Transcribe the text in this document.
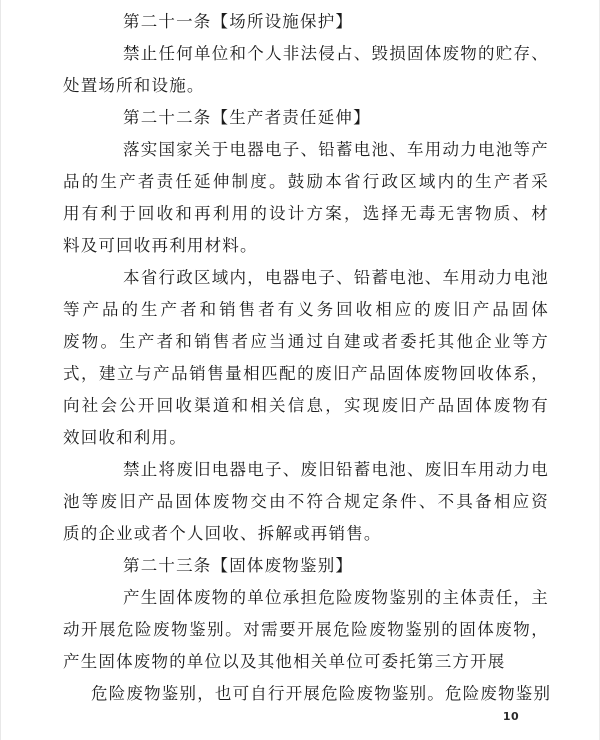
第二十一条【场所设施保护】
禁止任何单位和个人非法侵占、毁损固体废物的贮存、
处置场所和设施。
第二十二条【生产者责任延伸】
落实国家关于电器电子、铅蓄电池、车用动力电池等产
品的生产者责任延伸制度。鼓励本省行政区域内的生产者采
用有利于回收和再利用的设计方案，选择无毒无害物质、材
料及可回收再利用材料。
本省行政区域内，电器电子、铅蓄电池、车用动力电池
等产品的生产者和销售者有义务回收相应的废旧产品固体
废物。生产者和销售者应当通过自建或者委托其他企业等方
式，建立与产品销售量相匹配的废旧产品固体废物回收体系，
向社会公开回收渠道和相关信息，实现废旧产品固体废物有
效回收和利用。
禁止将废旧电器电子、废旧铅蓄电池、废旧车用动力电
池等废旧产品固体废物交由不符合规定条件、不具备相应资
质的企业或者个人回收、拆解或再销售。
第二十三条【固体废物鉴别】
产生固体废物的单位承担危险废物鉴别的主体责任，主
动开展危险废物鉴别。对需要开展危险废物鉴别的固体废物，
产生固体废物的单位以及其他相关单位可委托第三方开展
危险废物鉴别，也可自行开展危险废物鉴别。危险废物鉴别
10
